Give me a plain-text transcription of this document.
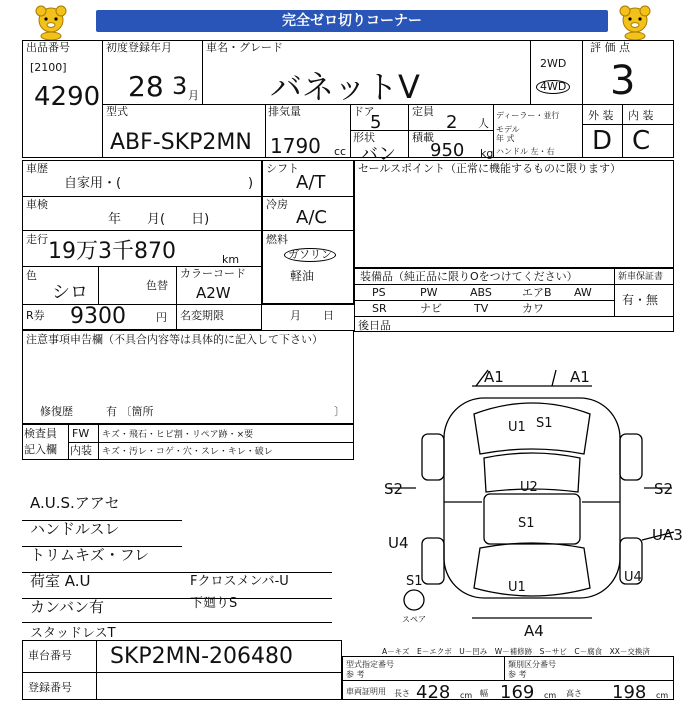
完全ゼロ切りコーナー
出品番号
[2100]
4290
初度登録年月
28 3 月
車名・グレード
バネットV
2WD
4WD
評 価 点
3
型式
ABF-SKP2MN
排気量
1790 cc
ドア
5
定員
2 人
形状
バン
積載
950 kg
ディーラー・並行
モデル
年 式
ハンドル 左・右
外 装 内 装
D C
車歴
自家用・(	)
車検
年　　月(　　日)
走行 19万3千870	km
色
シロ	色替
カラーコード
A2W
R券 9300	円 名変期限	月　　日
シフト
A/T
冷房
A/C
燃料
ガソリン
軽油
セールスポイント（正常に機能するものに限ります）
装備品（純正品に限りOをつけてください）	新車保証書
PS	PW	ABS	エアB AW
SR	ナビ	TV	カワ
有・無
後日品
注意事項申告欄（不具合内容等は具体的に記入して下さい）
修復歴	有 〔箇所	〕
検査員
記入欄
FW キズ・飛石・ヒビ割・リペア跡・×要
内装 キズ・汚レ・コゲ・穴・スレ・キレ・破レ
A.U.S.アアセ
ハンドルスレ
トリムキズ・フレ
荷室 A.U
カンバン有
スタッドレスT
Fクロスメンバ-U
下廻りS
A1	A1
U1 S1
S2	S2
U2
S1
U4	UA3
U4
U1
S1
A4
スペア
A－キズ　E－エクボ　U－凹み　W－補修跡　S－サビ　C－腐食　XX－交換済
車台番号 SKP2MN-206480
登録番号
型式指定番号
参 考
類別区分番号
参 考
車両証明用 長さ 428 cm 幅 169 cm 高さ 198 cm
